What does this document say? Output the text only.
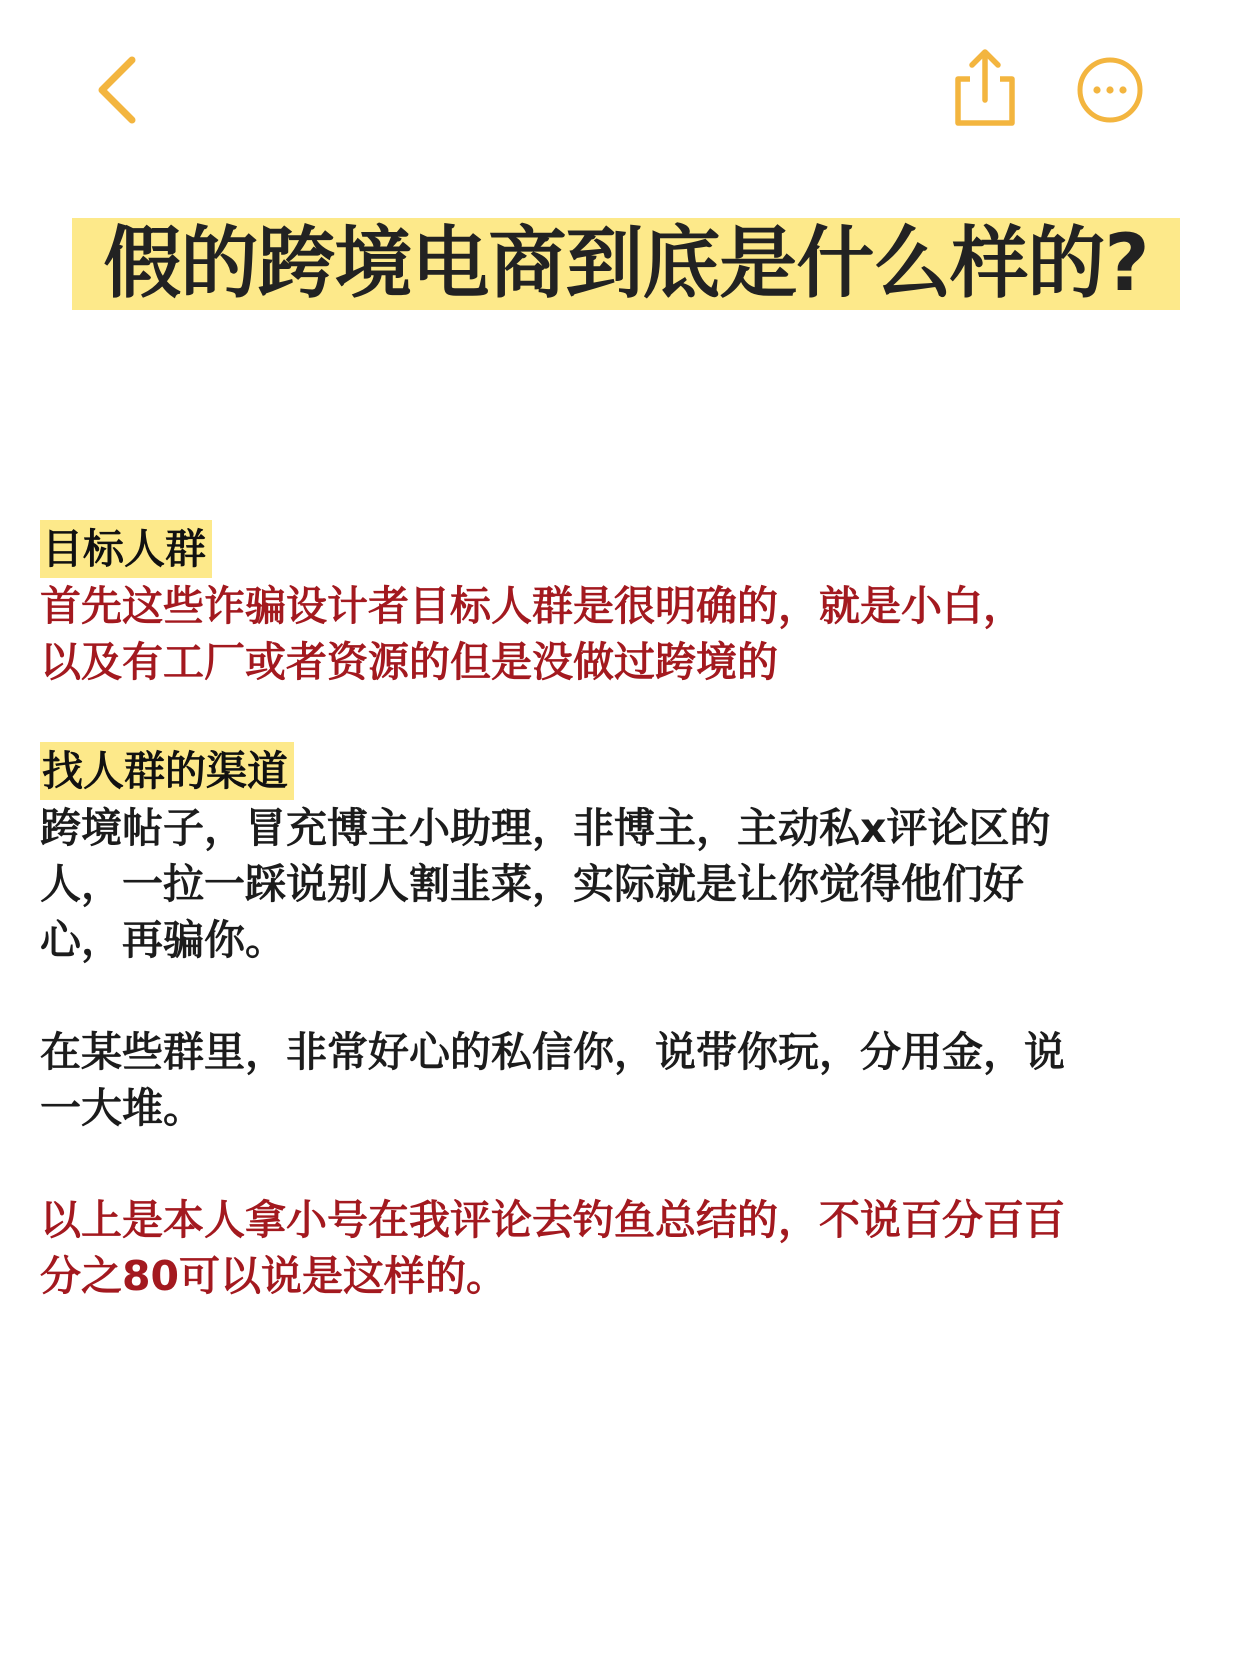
假的跨境电商到底是什么样的?
目标人群
首先这些诈骗设计者目标人群是很明确的，就是小白，
以及有工厂或者资源的但是没做过跨境的
找人群的渠道
跨境帖子，冒充博主小助理，非博主，主动私x评论区的
人，一拉一踩说别人割韭菜，实际就是让你觉得他们好
心，再骗你。
在某些群里，非常好心的私信你，说带你玩，分用金，说
一大堆。
以上是本人拿小号在我评论去钓鱼总结的，不说百分百百
分之80可以说是这样的。
